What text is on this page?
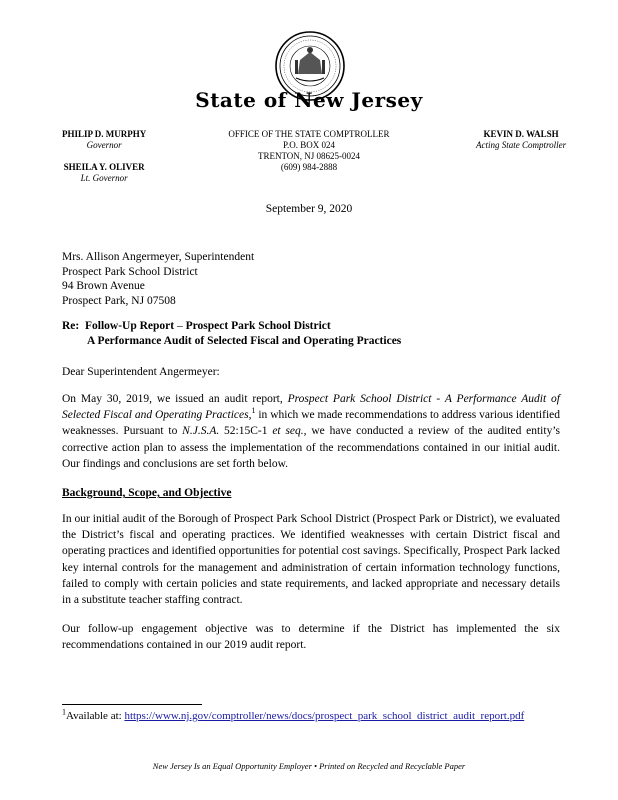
State of New Jersey
PHILIP D. MURPHY
Governor
SHEILA Y. OLIVER
Lt. Governor
OFFICE OF THE STATE COMPTROLLER
P.O. BOX 024
TRENTON, NJ 08625-0024
(609) 984-2888
KEVIN D. WALSH
Acting State Comptroller
September 9, 2020
Mrs. Allison Angermeyer, Superintendent
Prospect Park School District
94 Brown Avenue
Prospect Park, NJ 07508
Re: Follow-Up Report – Prospect Park School District
A Performance Audit of Selected Fiscal and Operating Practices
Dear Superintendent Angermeyer:
On May 30, 2019, we issued an audit report, Prospect Park School District - A Performance Audit of Selected Fiscal and Operating Practices,$^1$ in which we made recommendations to address various identified weaknesses. Pursuant to N.J.S.A. 52:15C-1 et seq., we have conducted a review of the audited entity’s corrective action plan to assess the implementation of the recommendations contained in our initial audit. Our findings and conclusions are set forth below.
Background, Scope, and Objective
In our initial audit of the Borough of Prospect Park School District (Prospect Park or District), we evaluated the District’s fiscal and operating practices. We identified weaknesses with certain District fiscal and operating practices and identified opportunities for potential cost savings. Specifically, Prospect Park lacked key internal controls for the management and administration of certain information technology functions, failed to comply with certain policies and state requirements, and lacked appropriate and necessary details in a substitute teacher staffing contract.
Our follow-up engagement objective was to determine if the District has implemented the six recommendations contained in our 2019 audit report.
$^1$Available at: https://www.nj.gov/comptroller/news/docs/prospect_park_school_district_audit_report.pdf
New Jersey Is an Equal Opportunity Employer • Printed on Recycled and Recyclable Paper
